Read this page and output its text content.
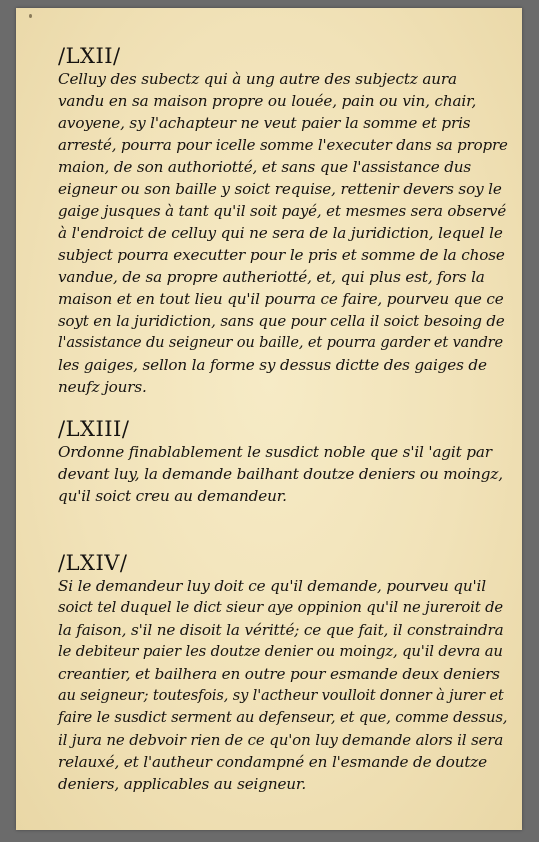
/LXII/
Celluy des subectz qui à ung autre des subjectz aura
vandu en sa maison propre ou louée, pain ou vin, chair,
avoyene, sy l'achapteur ne veut paier la somme et pris
arresté, pourra pour icelle somme l'executer dans sa propre
maion, de son authoriotté, et sans que l'assistance dus
eigneur ou son baille y soict requise, rettenir devers soy le
gaige jusques à tant qu'il soit payé, et mesmes sera observé
à l'endroict de celluy qui ne sera de la juridiction, lequel le
subject pourra executter pour le pris et somme de la chose
vandue, de sa propre autheriotté, et, qui plus est, fors la
maison et en tout lieu qu'il pourra ce faire, pourveu que ce
soyt en la juridiction, sans que pour cella il soict besoing de
l'assistance du seigneur ou baille, et pourra garder et vandre
les gaiges, sellon la forme sy dessus dictte des gaiges de
neufz jours.
/LXIII/
Ordonne finablablement le susdict noble que s'il 'agit par
devant luy, la demande bailhant doutze deniers ou moingz,
qu'il soict creu au demandeur.
/LXIV/
Si le demandeur luy doit ce qu'il demande, pourveu qu'il
soict tel duquel le dict sieur aye oppinion qu'il ne jureroit de
la faison, s'il ne disoit la véritté; ce que fait, il constraindra
le debiteur paier les doutze denier ou moingz, qu'il devra au
creantier, et bailhera en outre pour esmande deux deniers
au seigneur; toutesfois, sy l'actheur voulloit donner à jurer et
faire le susdict serment au defenseur, et que, comme dessus,
il jura ne debvoir rien de ce qu'on luy demande alors il sera
relauxé, et l'autheur condampné en l'esmande de doutze
deniers, applicables au seigneur.
